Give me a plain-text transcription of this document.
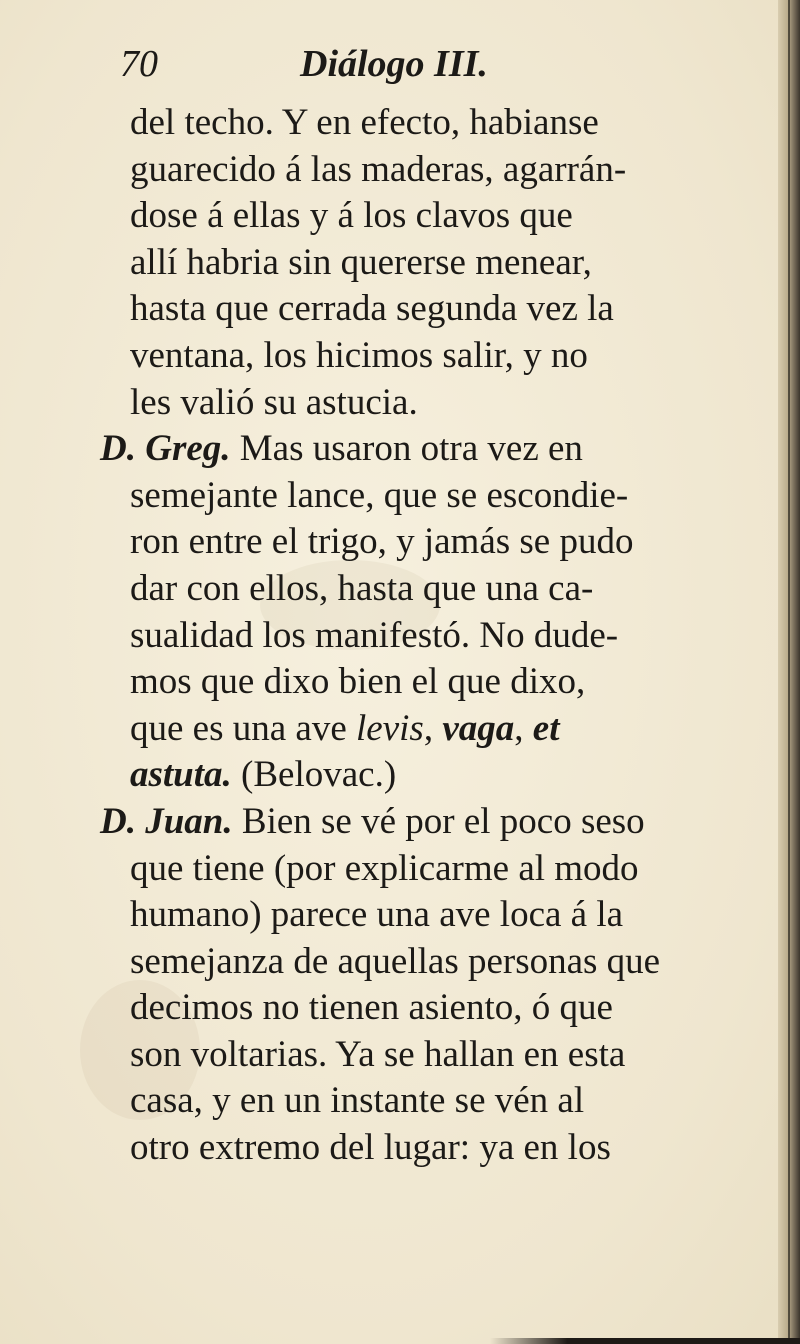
70	Diálogo III.
del techo. Y en efecto, habianse
guarecido á las maderas, agarrán-
dose á ellas y á los clavos que
allí habria sin quererse menear,
hasta que cerrada segunda vez la
ventana, los hicimos salir, y no
les valió su astucia.
D. Greg. Mas usaron otra vez en
semejante lance, que se escondie-
ron entre el trigo, y jamás se pudo
dar con ellos, hasta que una ca-
sualidad los manifestó. No dude-
mos que dixo bien el que dixo,
que es una ave levis, vaga, et
astuta. (Belovac.)
D. Juan. Bien se vé por el poco seso
que tiene (por explicarme al modo
humano) parece una ave loca á la
semejanza de aquellas personas que
decimos no tienen asiento, ó que
son voltarias. Ya se hallan en esta
casa, y en un instante se vén al
otro extremo del lugar: ya en los
